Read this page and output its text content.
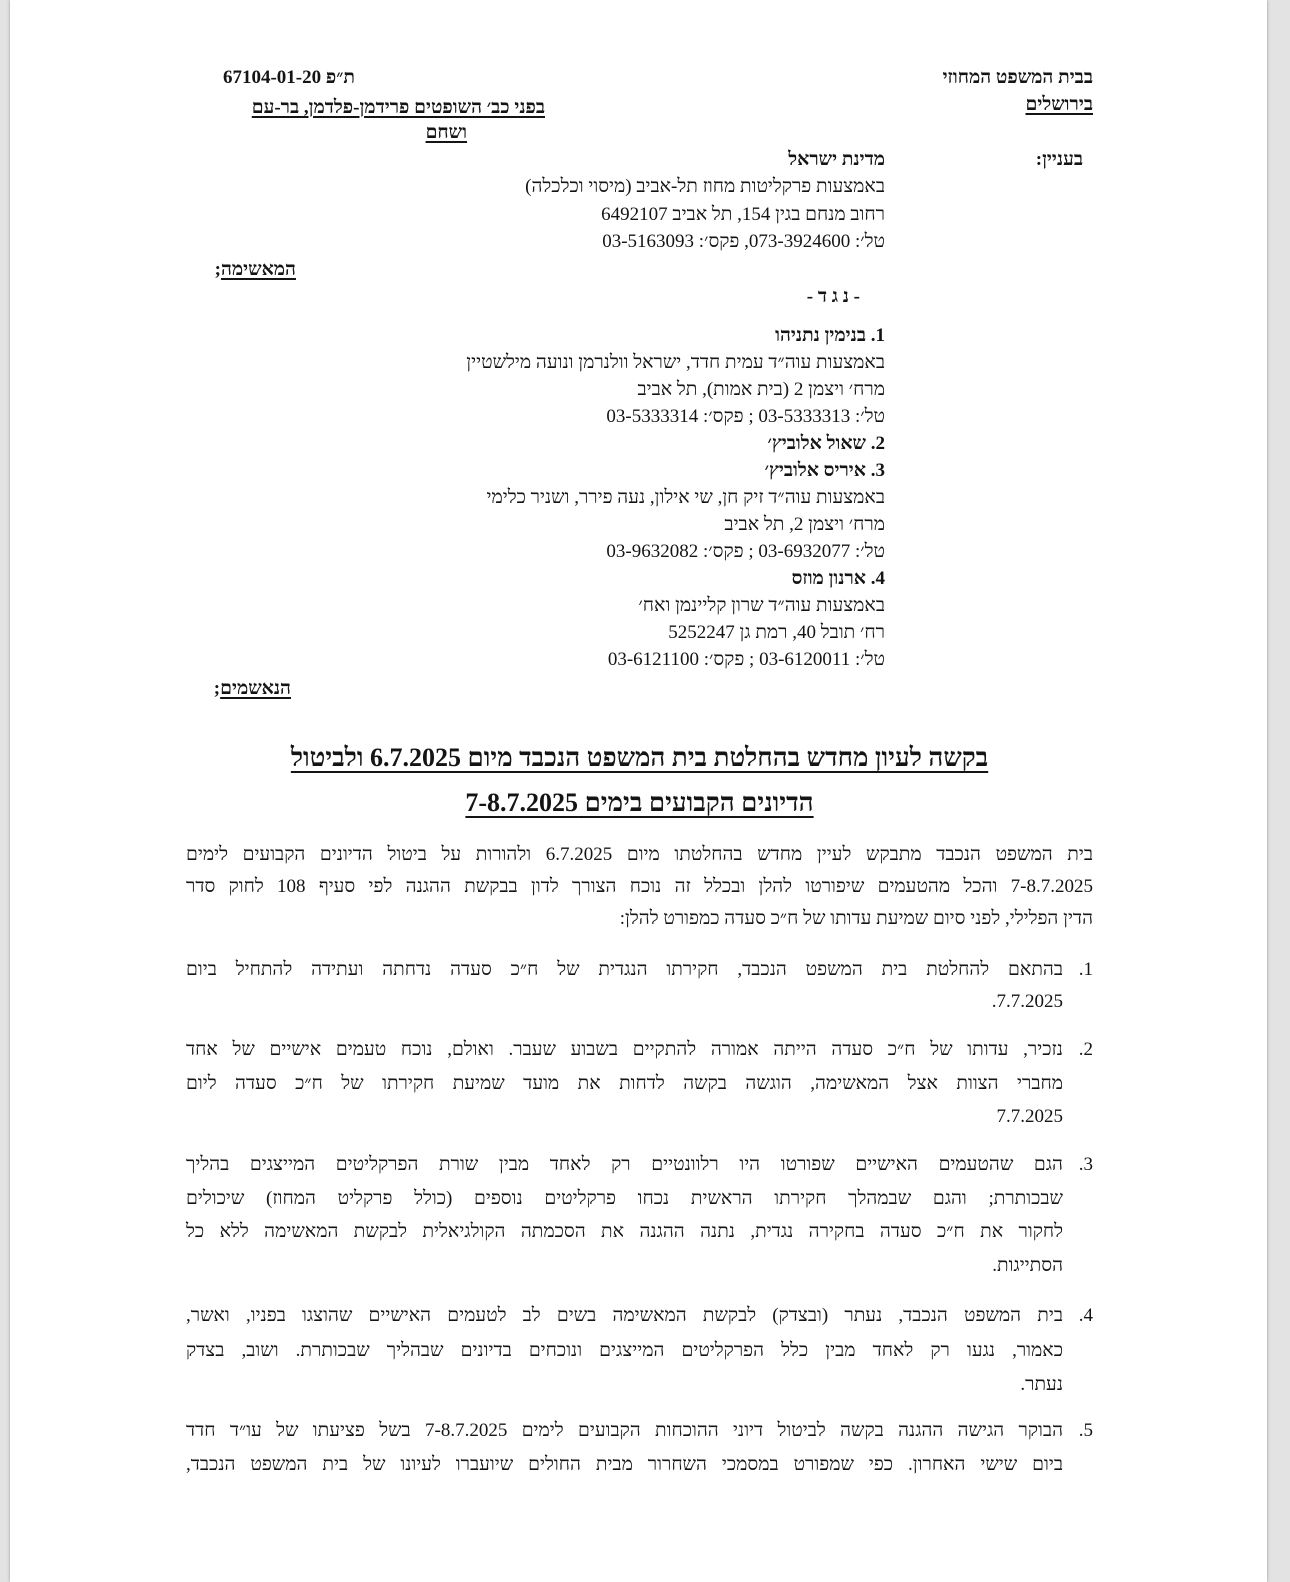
בבית המשפט המחוזי
בירושלים
ת״פ 67104-01-20
בפני כב׳ השופטים פרידמן-פלדמן, בר-עם
ושחם
בעניין:
מדינת ישראל
באמצעות פרקליטות מחוז תל-אביב (מיסוי וכלכלה)
רחוב מנחם בגין 154, תל אביב 6492107
טל׳: 073-3924600, פקס׳: 03-5163093
המאשימה;
- נ ג ד -
1. בנימין נתניהו
באמצעות עוה״ד עמית חדד, ישראל וולנרמן ונועה מילשטיין
מרח׳ ויצמן 2 (בית אמות), תל אביב
טל׳: 03-5333313 ; פקס׳: 03-5333314
2. שאול אלוביץ׳
3. איריס אלוביץ׳
באמצעות עוה״ד זיק חן, שי אילון, נעה פירר, ושניר כלימי
מרח׳ ויצמן 2, תל אביב
טל׳: 03-6932077 ; פקס׳: 03-9632082
4. ארנון מוזס
באמצעות עוה״ד שרון קליינמן ואח׳
רח׳ תובל 40, רמת גן 5252247
טל׳: 03-6120011 ; פקס׳: 03-6121100
הנאשמים;
בקשה לעיון מחדש בהחלטת בית המשפט הנכבד מיום 6.7.2025 ולביטול
הדיונים הקבועים בימים 7-8.7.2025
בית המשפט הנכבד מתבקש לעיין מחדש בהחלטתו מיום 6.7.2025 ולהורות על ביטול הדיונים הקבועים לימים
7-8.7.2025 והכל מהטעמים שיפורטו להלן ובכלל זה נוכח הצורך לדון בבקשת ההגנה לפי סעיף 108 לחוק סדר
הדין הפלילי, לפני סיום שמיעת עדותו של ח״כ סעדה כמפורט להלן:
1.
בהתאם להחלטת בית המשפט הנכבד, חקירתו הנגדית של ח״כ סעדה נדחתה ועתידה להתחיל ביום
7.7.2025.
2.
נזכיר, עדותו של ח״כ סעדה הייתה אמורה להתקיים בשבוע שעבר. ואולם, נוכח טעמים אישיים של אחד
מחברי הצוות אצל המאשימה, הוגשה בקשה לדחות את מועד שמיעת חקירתו של ח״כ סעדה ליום
7.7.2025
3.
הגם שהטעמים האישיים שפורטו היו רלוונטיים רק לאחד מבין שורת הפרקליטים המייצגים בהליך
שבכותרת; והגם שבמהלך חקירתו הראשית נכחו פרקליטים נוספים (כולל פרקליט המחוז) שיכולים
לחקור את ח״כ סעדה בחקירה נגדית, נתנה ההגנה את הסכמתה הקולגיאלית לבקשת המאשימה ללא כל
הסתייגות.
4.
בית המשפט הנכבד, נעתר (ובצדק) לבקשת המאשימה בשים לב לטעמים האישיים שהוצגו בפניו, ואשר,
כאמור, נגעו רק לאחד מבין כלל הפרקליטים המייצגים ונוכחים בדיונים שבהליך שבכותרת. ושוב, בצדק
נעתר.
5.
הבוקר הגישה ההגנה בקשה לביטול דיוני ההוכחות הקבועים לימים 7-8.7.2025 בשל פציעתו של עו״ד חדד
ביום שישי האחרון. כפי שמפורט במסמכי השחרור מבית החולים שיועברו לעיונו של בית המשפט הנכבד,
